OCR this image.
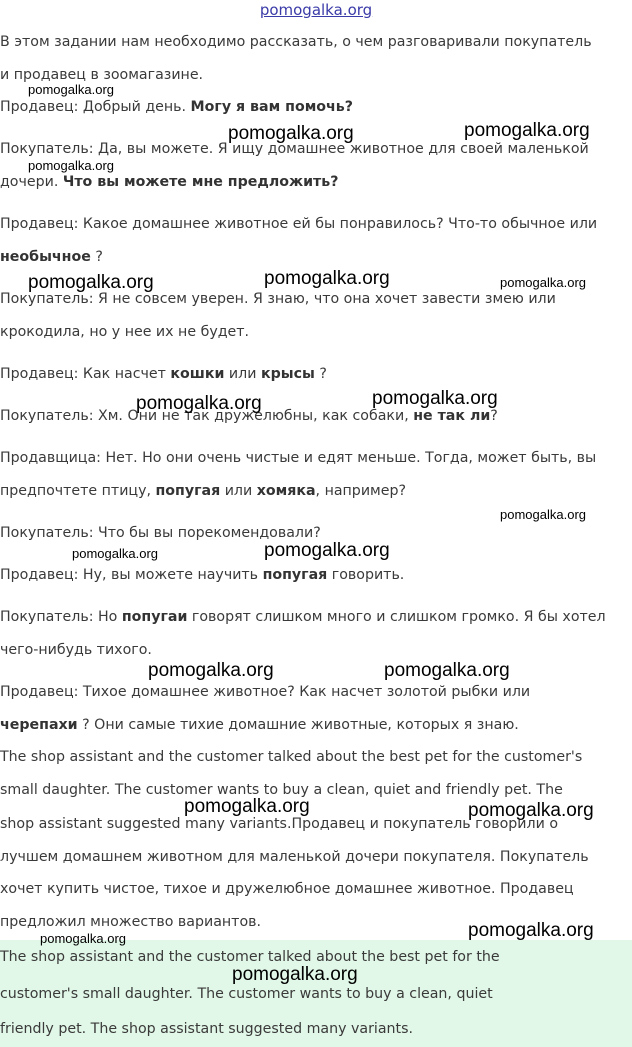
pomogalka.org
В этом задании нам необходимо рассказать, о чем разговаривали покупатель
и продавец в зоомагазине.
Продавец: Добрый день. Могу я вам помочь?
Покупатель: Да, вы можете. Я ищу домашнее животное для своей маленькой
дочери. Что вы можете мне предложить?
Продавец: Какое домашнее животное ей бы понравилось? Что-то обычное или
необычное ?
Покупатель: Я не совсем уверен. Я знаю, что она хочет завести змею или
крокодила, но у нее их не будет.
Продавец: Как насчет кошки или крысы ?
Покупатель: Хм. Они не так дружелюбны, как собаки, не так ли?
Продавщица: Нет. Но они очень чистые и едят меньше. Тогда, может быть, вы
предпочтете птицу, попугая или хомяка, например?
Покупатель: Что бы вы порекомендовали?
Продавец: Ну, вы можете научить попугая говорить.
Покупатель: Но попугаи говорят слишком много и слишком громко. Я бы хотел
чего-нибудь тихого.
Продавец: Тихое домашнее животное? Как насчет золотой рыбки или
черепахи ? Они самые тихие домашние животные, которых я знаю.
The shop assistant and the customer talked about the best pet for the customer's
small daughter. The customer wants to buy a clean, quiet and friendly pet. The
shop assistant suggested many variants.Продавец и покупатель говорили о
лучшем домашнем животном для маленькой дочери покупателя. Покупатель
хочет купить чистое, тихое и дружелюбное домашнее животное. Продавец
предложил множество вариантов.
The shop assistant and the customer talked about the best pet for the
customer's small daughter. The customer wants to buy a clean, quiet
friendly pet. The shop assistant suggested many variants.
pomogalka.org
pomogalka.org	pomogalka.org
pomogalka.org
pomogalka.org	pomogalka.org	pomogalka.org
pomogalka.org	pomogalka.org
pomogalka.org
pomogalka.org	pomogalka.org
pomogalka.org	pomogalka.org
pomogalka.org	pomogalka.org
pomogalka.org	pomogalka.org
pomogalka.org
